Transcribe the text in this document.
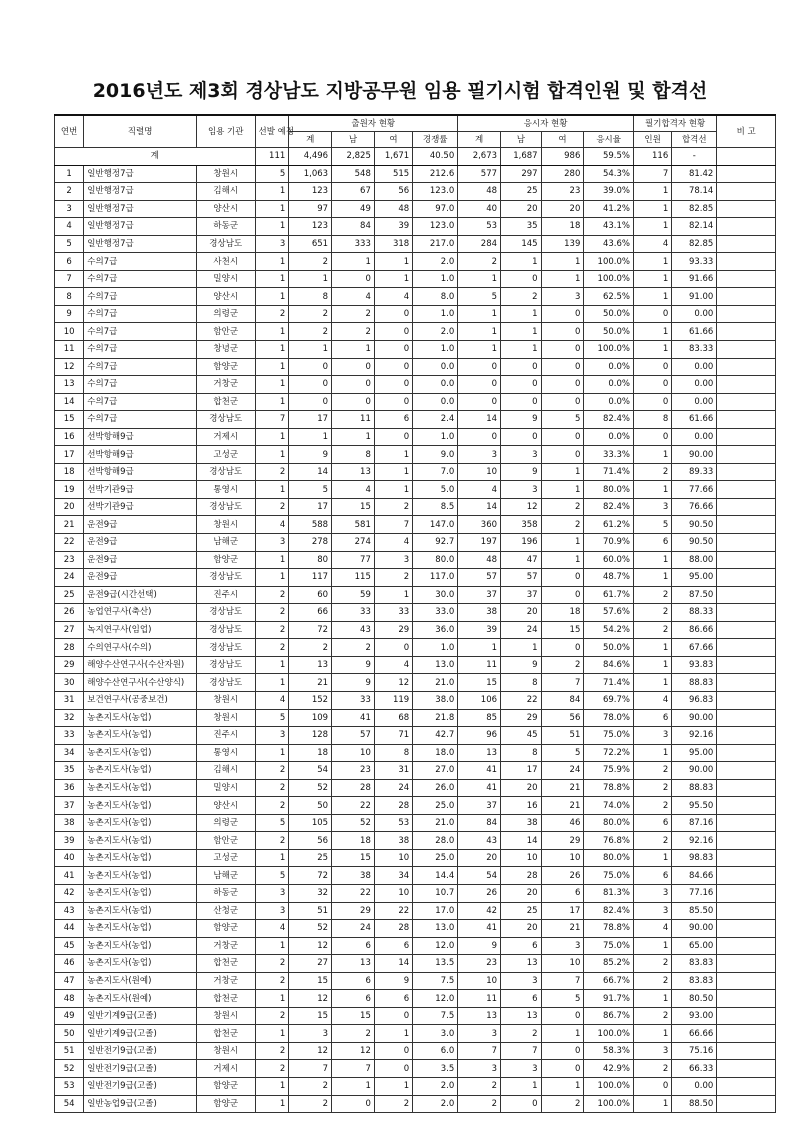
2016년도 제3회 경상남도 지방공무원 임용 필기시험 합격인원 및 합격선
연번	직렬명	임용 기관	선발 예정	출원자 현황				응시자 현황				필기합격자 현황		비 고
				계	남	여	경쟁률	계	남	여	응시율	인원	합격선	
계			111	4,496	2,825	1,671	40.50	2,673	1,687	986	59.5%	116	-	
1	일반행정7급	창원시	5	1,063	548	515	212.6	577	297	280	54.3%	7	81.42	
2	일반행정7급	김해시	1	123	67	56	123.0	48	25	23	39.0%	1	78.14	
3	일반행정7급	양산시	1	97	49	48	97.0	40	20	20	41.2%	1	82.85	
4	일반행정7급	하동군	1	123	84	39	123.0	53	35	18	43.1%	1	82.14	
5	일반행정7급	경상남도	3	651	333	318	217.0	284	145	139	43.6%	4	82.85	
6	수의7급	사천시	1	2	1	1	2.0	2	1	1	100.0%	1	93.33	
7	수의7급	밀양시	1	1	0	1	1.0	1	0	1	100.0%	1	91.66	
8	수의7급	양산시	1	8	4	4	8.0	5	2	3	62.5%	1	91.00	
9	수의7급	의령군	2	2	2	0	1.0	1	1	0	50.0%	0	0.00	
10	수의7급	함안군	1	2	2	0	2.0	1	1	0	50.0%	1	61.66	
11	수의7급	창녕군	1	1	1	0	1.0	1	1	0	100.0%	1	83.33	
12	수의7급	함양군	1	0	0	0	0.0	0	0	0	0.0%	0	0.00	
13	수의7급	거창군	1	0	0	0	0.0	0	0	0	0.0%	0	0.00	
14	수의7급	합천군	1	0	0	0	0.0	0	0	0	0.0%	0	0.00	
15	수의7급	경상남도	7	17	11	6	2.4	14	9	5	82.4%	8	61.66	
16	선박항해9급	거제시	1	1	1	0	1.0	0	0	0	0.0%	0	0.00	
17	선박항해9급	고성군	1	9	8	1	9.0	3	3	0	33.3%	1	90.00	
18	선박항해9급	경상남도	2	14	13	1	7.0	10	9	1	71.4%	2	89.33	
19	선박기관9급	통영시	1	5	4	1	5.0	4	3	1	80.0%	1	77.66	
20	선박기관9급	경상남도	2	17	15	2	8.5	14	12	2	82.4%	3	76.66	
21	운전9급	창원시	4	588	581	7	147.0	360	358	2	61.2%	5	90.50	
22	운전9급	남해군	3	278	274	4	92.7	197	196	1	70.9%	6	90.50	
23	운전9급	함양군	1	80	77	3	80.0	48	47	1	60.0%	1	88.00	
24	운전9급	경상남도	1	117	115	2	117.0	57	57	0	48.7%	1	95.00	
25	운전9급(시간선택)	진주시	2	60	59	1	30.0	37	37	0	61.7%	2	87.50	
26	농업연구사(축산)	경상남도	2	66	33	33	33.0	38	20	18	57.6%	2	88.33	
27	녹지연구사(임업)	경상남도	2	72	43	29	36.0	39	24	15	54.2%	2	86.66	
28	수의연구사(수의)	경상남도	2	2	2	0	1.0	1	1	0	50.0%	1	67.66	
29	해양수산연구사(수산자원)	경상남도	1	13	9	4	13.0	11	9	2	84.6%	1	93.83	
30	해양수산연구사(수산양식)	경상남도	1	21	9	12	21.0	15	8	7	71.4%	1	88.83	
31	보건연구사(공중보건)	창원시	4	152	33	119	38.0	106	22	84	69.7%	4	96.83	
32	농촌지도사(농업)	창원시	5	109	41	68	21.8	85	29	56	78.0%	6	90.00	
33	농촌지도사(농업)	진주시	3	128	57	71	42.7	96	45	51	75.0%	3	92.16	
34	농촌지도사(농업)	통영시	1	18	10	8	18.0	13	8	5	72.2%	1	95.00	
35	농촌지도사(농업)	김해시	2	54	23	31	27.0	41	17	24	75.9%	2	90.00	
36	농촌지도사(농업)	밀양시	2	52	28	24	26.0	41	20	21	78.8%	2	88.83	
37	농촌지도사(농업)	양산시	2	50	22	28	25.0	37	16	21	74.0%	2	95.50	
38	농촌지도사(농업)	의령군	5	105	52	53	21.0	84	38	46	80.0%	6	87.16	
39	농촌지도사(농업)	함안군	2	56	18	38	28.0	43	14	29	76.8%	2	92.16	
40	농촌지도사(농업)	고성군	1	25	15	10	25.0	20	10	10	80.0%	1	98.83	
41	농촌지도사(농업)	남해군	5	72	38	34	14.4	54	28	26	75.0%	6	84.66	
42	농촌지도사(농업)	하동군	3	32	22	10	10.7	26	20	6	81.3%	3	77.16	
43	농촌지도사(농업)	산청군	3	51	29	22	17.0	42	25	17	82.4%	3	85.50	
44	농촌지도사(농업)	함양군	4	52	24	28	13.0	41	20	21	78.8%	4	90.00	
45	농촌지도사(농업)	거창군	1	12	6	6	12.0	9	6	3	75.0%	1	65.00	
46	농촌지도사(농업)	합천군	2	27	13	14	13.5	23	13	10	85.2%	2	83.83	
47	농촌지도사(원예)	거창군	2	15	6	9	7.5	10	3	7	66.7%	2	83.83	
48	농촌지도사(원예)	합천군	1	12	6	6	12.0	11	6	5	91.7%	1	80.50	
49	일반기계9급(고졸)	창원시	2	15	15	0	7.5	13	13	0	86.7%	2	93.00	
50	일반기계9급(고졸)	합천군	1	3	2	1	3.0	3	2	1	100.0%	1	66.66	
51	일반전기9급(고졸)	창원시	2	12	12	0	6.0	7	7	0	58.3%	3	75.16	
52	일반전기9급(고졸)	거제시	2	7	7	0	3.5	3	3	0	42.9%	2	66.33	
53	일반전기9급(고졸)	함양군	1	2	1	1	2.0	2	1	1	100.0%	0	0.00	
54	일반농업9급(고졸)	함양군	1	2	0	2	2.0	2	0	2	100.0%	1	88.50	
